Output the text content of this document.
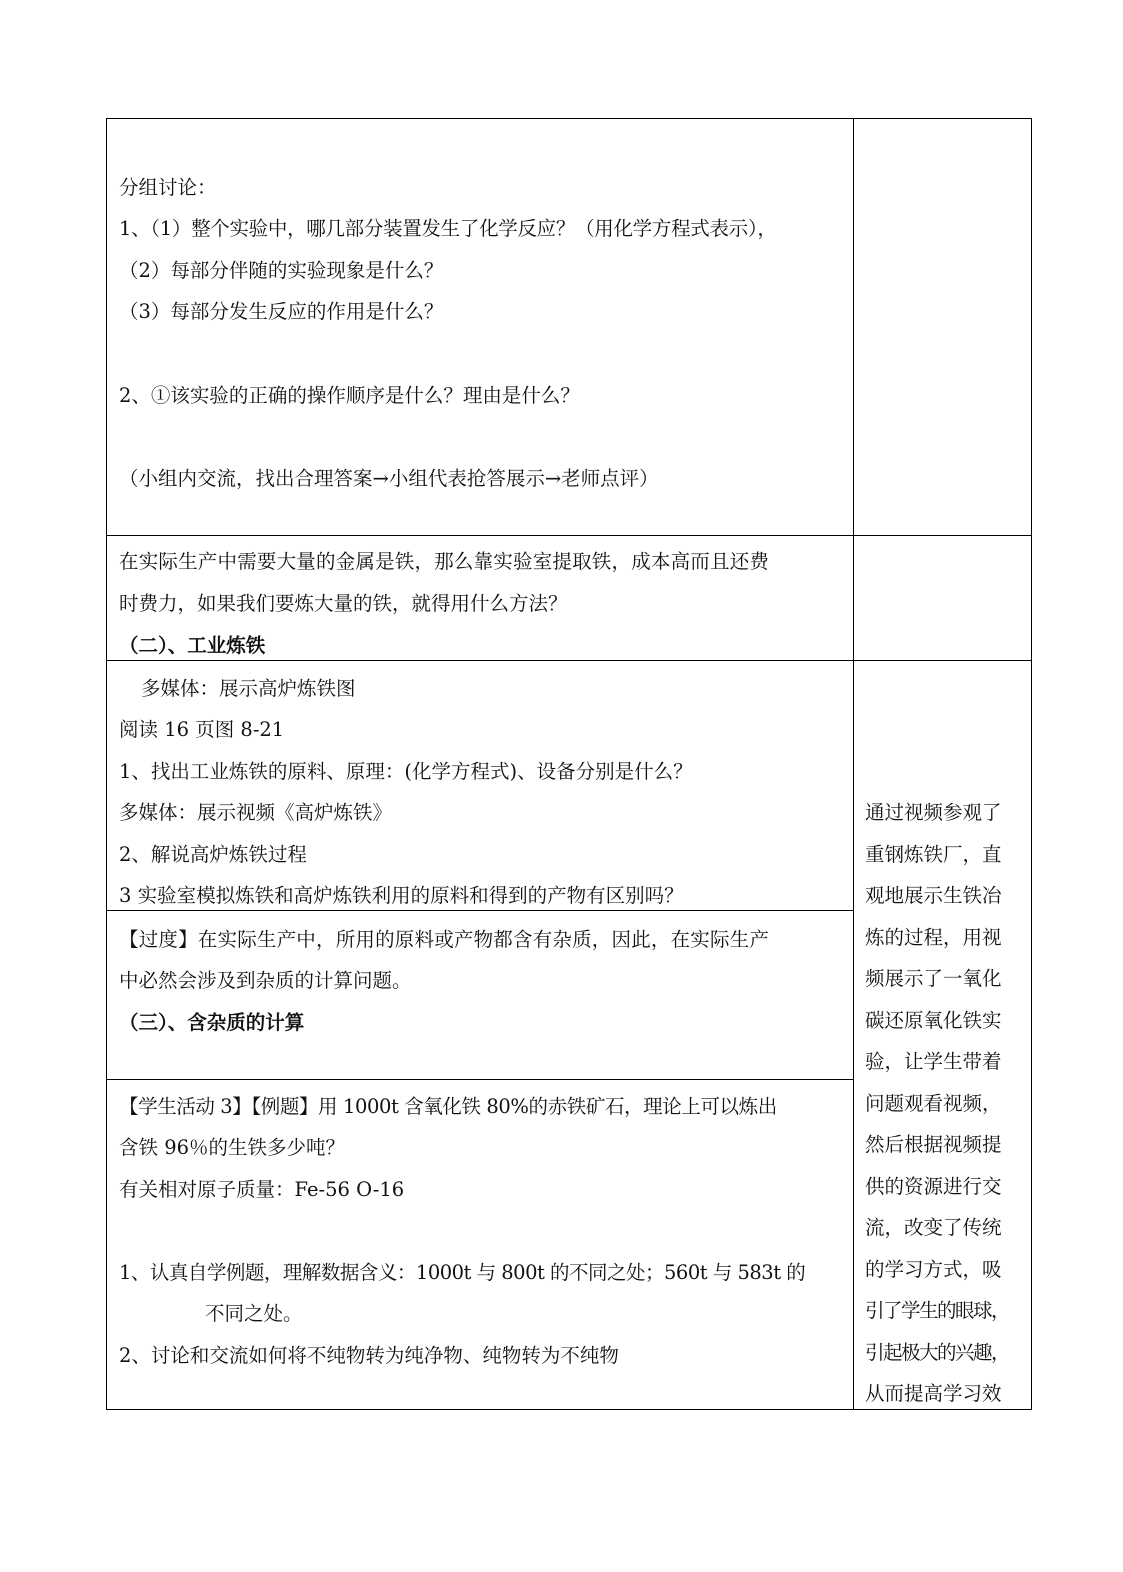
分组讨论：
1、（1）整个实验中，哪几部分装置发生了化学反应？（用化学方程式表示），
（2）每部分伴随的实验现象是什么？
（3）每部分发生反应的作用是什么？
2、①该实验的正确的操作顺序是什么？理由是什么？
（小组内交流，找出合理答案→小组代表抢答展示→老师点评）
在实际生产中需要大量的金属是铁，那么靠实验室提取铁，成本高而且还费
时费力，如果我们要炼大量的铁，就得用什么方法？
（二）、工业炼铁
多媒体：展示高炉炼铁图
阅读 16 页图 8-21
1、找出工业炼铁的原料、原理：(化学方程式)、设备分别是什么？
多媒体：展示视频《高炉炼铁》
2、解说高炉炼铁过程
3 实验室模拟炼铁和高炉炼铁利用的原料和得到的产物有区别吗？
【过度】在实际生产中，所用的原料或产物都含有杂质，因此，在实际生产
中必然会涉及到杂质的计算问题。
（三）、含杂质的计算
【学生活动 3】【例题】用 1000t 含氧化铁 80%的赤铁矿石，理论上可以炼出
含铁 96％的生铁多少吨？
有关相对原子质量：Fe-56 O-16
1、认真自学例题，理解数据含义：1000t 与 800t 的不同之处；560t 与 583t 的
不同之处。
2、讨论和交流如何将不纯物转为纯净物、纯物转为不纯物
通过视频参观了
重钢炼铁厂，直
观地展示生铁冶
炼的过程，用视
频展示了一氧化
碳还原氧化铁实
验，让学生带着
问题观看视频，
然后根据视频提
供的资源进行交
流，改变了传统
的学习方式，吸
引了学生的眼球，
引起极大的兴趣，
从而提高学习效
